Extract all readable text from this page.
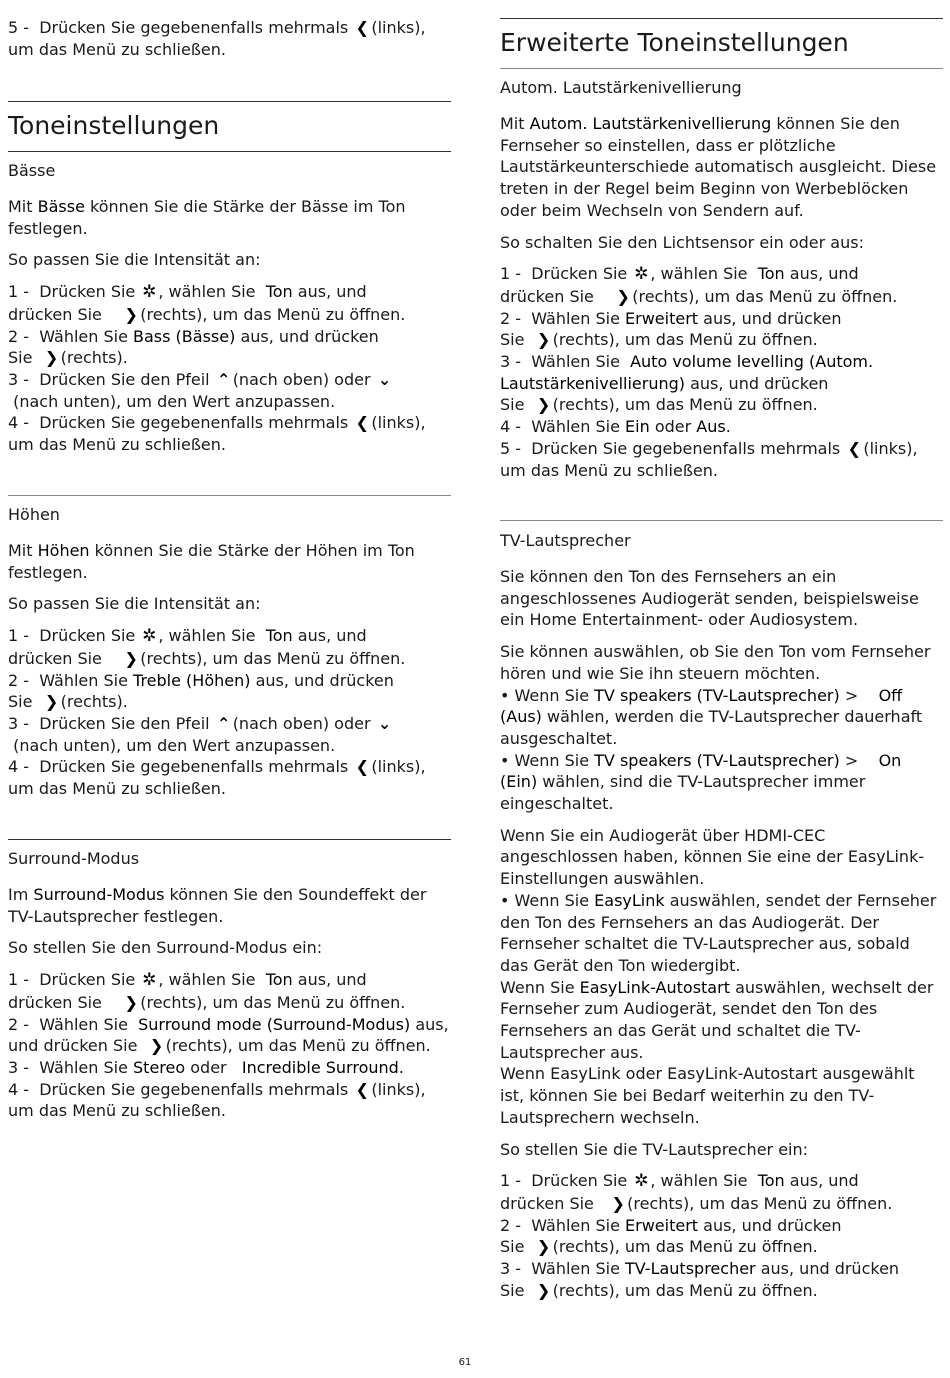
5 - Drücken Sie gegebenenfalls mehrmals ❮ (links),
um das Menü zu schließen.
Toneinstellungen
Bässe

Mit Bässe können Sie die Stärke der Bässe im Ton festlegen.

So passen Sie die Intensität an:

1 - Drücken Sie ✲ , wählen Sie Ton aus, und
drücken Sie ❯ (rechts), um das Menü zu öffnen.
2 - Wählen Sie Bass (Bässe) aus, und drücken
Sie ❯ (rechts).
3 - Drücken Sie den Pfeil ⌃ (nach oben) oder ⌄
(nach unten), um den Wert anzupassen.
4 - Drücken Sie gegebenenfalls mehrmals ❮ (links),
um das Menü zu schließen.
Höhen

Mit Höhen können Sie die Stärke der Höhen im Ton festlegen.

So passen Sie die Intensität an:

1 - Drücken Sie ✲ , wählen Sie Ton aus, und
drücken Sie ❯ (rechts), um das Menü zu öffnen.
2 - Wählen Sie Treble (Höhen) aus, und drücken
Sie ❯ (rechts).
3 - Drücken Sie den Pfeil ⌃ (nach oben) oder ⌄
(nach unten), um den Wert anzupassen.
4 - Drücken Sie gegebenenfalls mehrmals ❮ (links),
um das Menü zu schließen.
Surround-Modus

Im Surround-Modus können Sie den Soundeffekt der TV-Lautsprecher festlegen.

So stellen Sie den Surround-Modus ein:

1 - Drücken Sie ✲ , wählen Sie Ton aus, und
drücken Sie ❯ (rechts), um das Menü zu öffnen.
2 - Wählen Sie Surround mode (Surround-Modus) aus, und drücken Sie ❯ (rechts), um das Menü zu öffnen.
3 - Wählen Sie Stereo oder Incredible Surround.
4 - Drücken Sie gegebenenfalls mehrmals ❮ (links),
um das Menü zu schließen.
Erweiterte Toneinstellungen
Autom. Lautstärkenivellierung

Mit Autom. Lautstärkenivellierung können Sie den Fernseher so einstellen, dass er plötzliche Lautstärkeunterschiede automatisch ausgleicht. Diese treten in der Regel beim Beginn von Werbeblöcken oder beim Wechseln von Sendern auf.

So schalten Sie den Lichtsensor ein oder aus:

1 - Drücken Sie ✲ , wählen Sie Ton aus, und
drücken Sie ❯ (rechts), um das Menü zu öffnen.
2 - Wählen Sie Erweitert aus, und drücken
Sie ❯ (rechts), um das Menü zu öffnen.
3 - Wählen Sie Auto volume levelling (Autom. Lautstärkenivellierung) aus, und drücken
Sie ❯ (rechts), um das Menü zu öffnen.
4 - Wählen Sie Ein oder Aus.
5 - Drücken Sie gegebenenfalls mehrmals ❮ (links),
um das Menü zu schließen.
TV-Lautsprecher

Sie können den Ton des Fernsehers an ein angeschlossenes Audiogerät senden, beispielsweise ein Home Entertainment- oder Audiosystem.

Sie können auswählen, ob Sie den Ton vom Fernseher hören und wie Sie ihn steuern möchten.
• Wenn Sie TV speakers (TV-Lautsprecher) > Off (Aus) wählen, werden die TV-Lautsprecher dauerhaft ausgeschaltet.

• Wenn Sie TV speakers (TV-Lautsprecher) > On (Ein) wählen, sind die TV-Lautsprecher immer eingeschaltet.

Wenn Sie ein Audiogerät über HDMI-CEC angeschlossen haben, können Sie eine der EasyLink-Einstellungen auswählen.
• Wenn Sie EasyLink auswählen, sendet der Fernseher den Ton des Fernsehers an das Audiogerät. Der Fernseher schaltet die TV-Lautsprecher aus, sobald das Gerät den Ton wiedergibt.
Wenn Sie EasyLink-Autostart auswählen, wechselt der Fernseher zum Audiogerät, sendet den Ton des Fernsehers an das Gerät und schaltet die TV-Lautsprecher aus.

Wenn EasyLink oder EasyLink-Autostart ausgewählt ist, können Sie bei Bedarf weiterhin zu den TV-Lautsprechern wechseln.

So stellen Sie die TV-Lautsprecher ein:

1 - Drücken Sie ✲ , wählen Sie Ton aus, und
drücken Sie ❯ (rechts), um das Menü zu öffnen.
2 - Wählen Sie Erweitert aus, und drücken
Sie ❯ (rechts), um das Menü zu öffnen.
3 - Wählen Sie TV-Lautsprecher aus, und drücken
Sie ❯ (rechts), um das Menü zu öffnen.
61
